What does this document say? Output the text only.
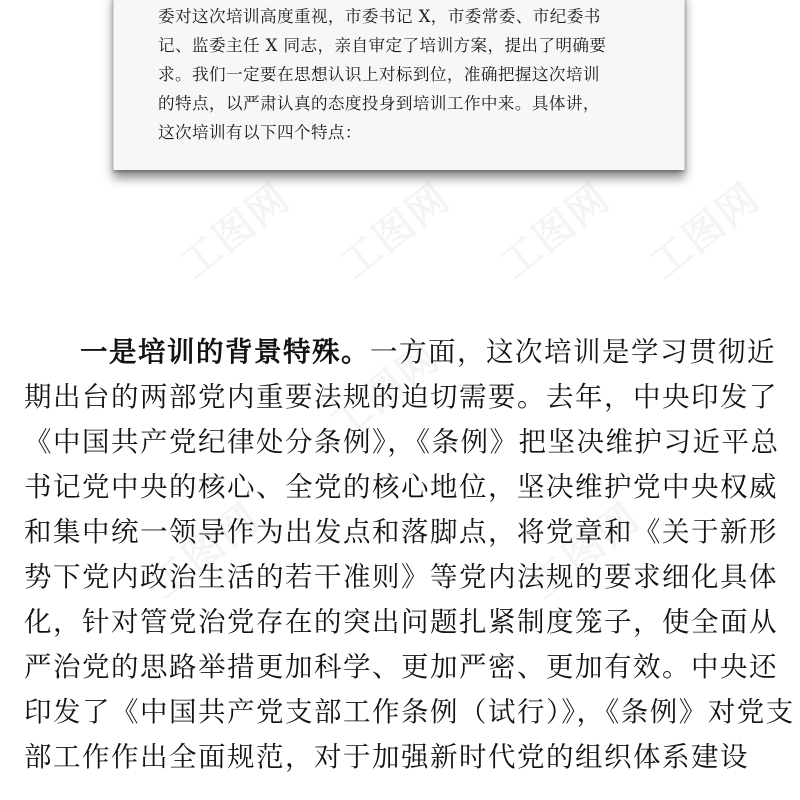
委对这次培训高度重视，市委书记 X，市委常委、市纪委书
记、监委主任 X 同志，亲自审定了培训方案，提出了明确要
求。我们一定要在思想认识上对标到位，准确把握这次培训
的特点，以严肃认真的态度投身到培训工作中来。具体讲，
这次培训有以下四个特点：
一是培训的背景特殊。一方面，这次培训是学习贯彻近
期出台的两部党内重要法规的迫切需要。去年，中央印发了
《中国共产党纪律处分条例》，《条例》把坚决维护习近平总
书记党中央的核心、全党的核心地位，坚决维护党中央权威
和集中统一领导作为出发点和落脚点，将党章和《关于新形
势下党内政治生活的若干准则》等党内法规的要求细化具体
化，针对管党治党存在的突出问题扎紧制度笼子，使全面从
严治党的思路举措更加科学、更加严密、更加有效。中央还
印发了《中国共产党支部工作条例（试行）》，《条例》对党支
部工作作出全面规范，对于加强新时代党的组织体系建设
